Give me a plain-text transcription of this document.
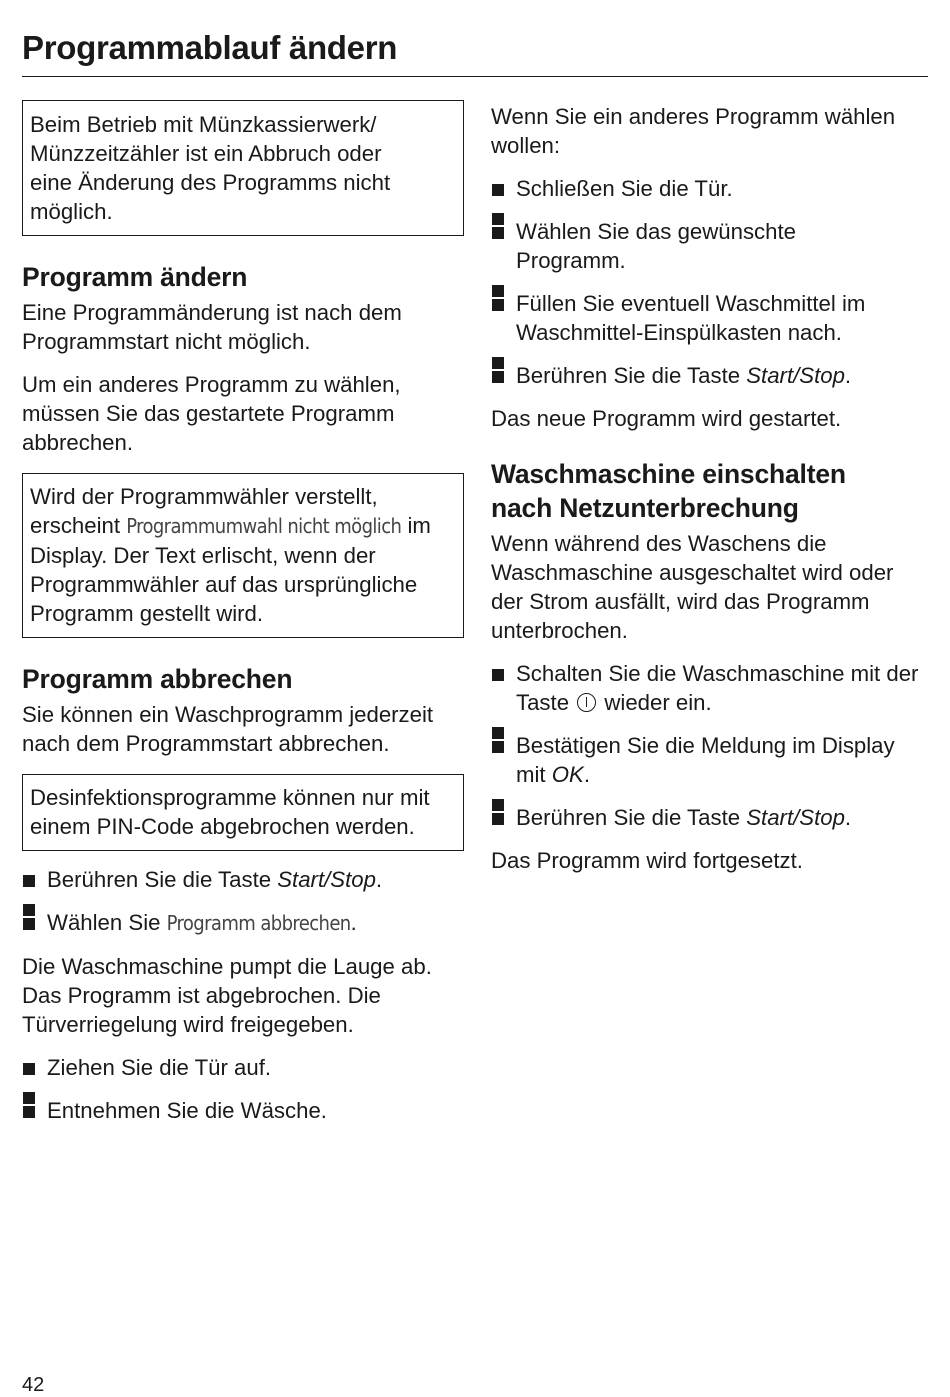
Programmablauf ändern

Beim Betrieb mit Münzkassierwerk/ Münzzeitzähler ist ein Abbruch oder eine Änderung des Programms nicht möglich.

Programm ändern

Eine Programmänderung ist nach dem Programmstart nicht möglich.

Um ein anderes Programm zu wählen, müssen Sie das gestartete Programm abbrechen.

Wird der Programmwähler verstellt, erscheint Programmumwahl nicht möglich im Display. Der Text erlischt, wenn der Programmwähler auf das ursprüngliche Programm gestellt wird.

Programm abbrechen

Sie können ein Waschprogramm jederzeit nach dem Programmstart abbrechen.

Desinfektionsprogramme können nur mit einem PIN-Code abgebrochen werden.

Berühren Sie die Taste Start/Stop.
Wählen Sie Programm abbrechen.

Die Waschmaschine pumpt die Lauge ab. Das Programm ist abgebrochen. Die Türverriegelung wird freigegeben.

Ziehen Sie die Tür auf.
Entnehmen Sie die Wäsche.

Wenn Sie ein anderes Programm wählen wollen:

Schließen Sie die Tür.
Wählen Sie das gewünschte Programm.
Füllen Sie eventuell Waschmittel im Waschmittel-Einspülkasten nach.
Berühren Sie die Taste Start/Stop.

Das neue Programm wird gestartet.

Waschmaschine einschalten nach Netzunterbrechung

Wenn während des Waschens die Waschmaschine ausgeschaltet wird oder der Strom ausfällt, wird das Programm unterbrochen.

Schalten Sie die Waschmaschine mit der Taste  wieder ein.
Bestätigen Sie die Meldung im Display mit OK.
Berühren Sie die Taste Start/Stop.

Das Programm wird fortgesetzt.

42
